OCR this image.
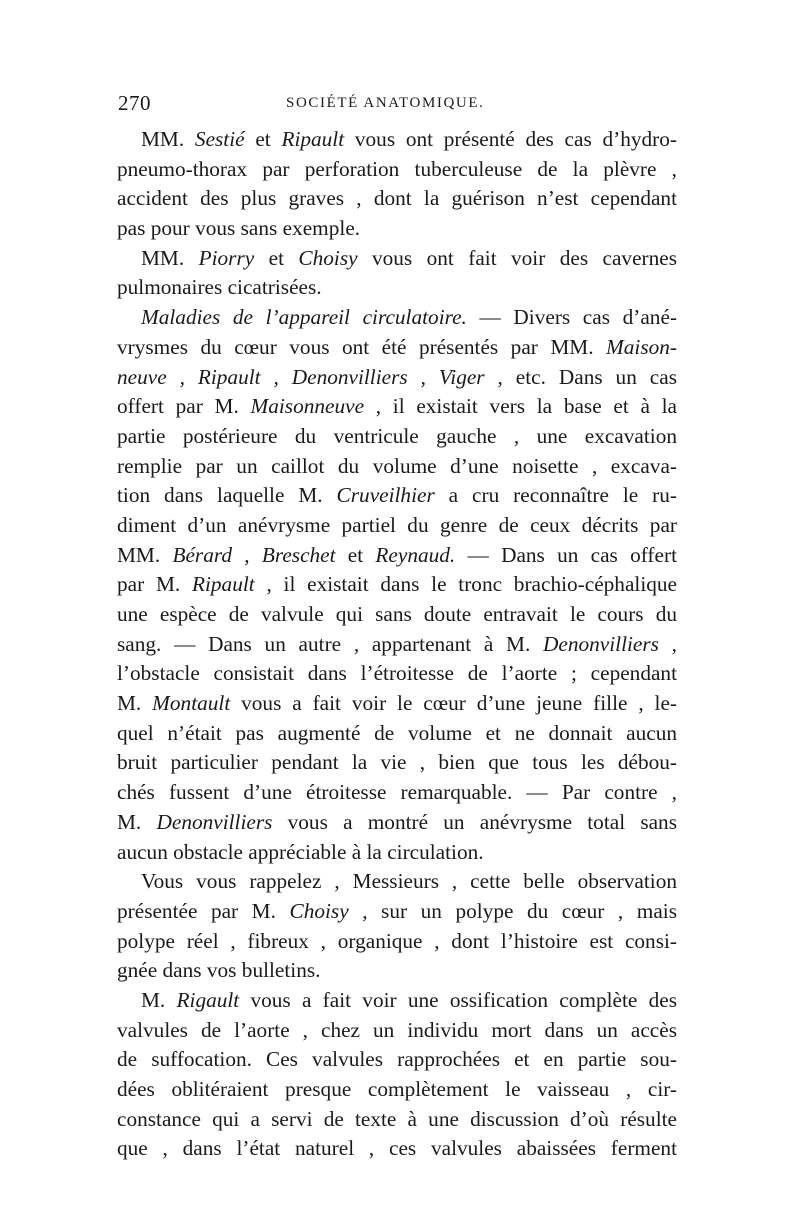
270	SOCIÉTÉ ANATOMIQUE.
MM. Sestié et Ripault vous ont présenté des cas d’hydro-
pneumo-thorax par perforation tuberculeuse de la plèvre ,
accident des plus graves , dont la guérison n’est cependant
pas pour vous sans exemple.
MM. Piorry et Choisy vous ont fait voir des cavernes
pulmonaires cicatrisées.
Maladies de l’appareil circulatoire. — Divers cas d’ané-
vrysmes du cœur vous ont été présentés par MM. Maison-
neuve , Ripault , Denonvilliers , Viger , etc. Dans un cas
offert par M. Maisonneuve , il existait vers la base et à la
partie postérieure du ventricule gauche , une excavation
remplie par un caillot du volume d’une noisette , excava-
tion dans laquelle M. Cruveilhier a cru reconnaître le ru-
diment d’un anévrysme partiel du genre de ceux décrits par
MM. Bérard , Breschet et Reynaud. — Dans un cas offert
par M. Ripault , il existait dans le tronc brachio-céphalique
une espèce de valvule qui sans doute entravait le cours du
sang. — Dans un autre , appartenant à M. Denonvilliers ,
l’obstacle consistait dans l’étroitesse de l’aorte ; cependant
M. Montault vous a fait voir le cœur d’une jeune fille , le-
quel n’était pas augmenté de volume et ne donnait aucun
bruit particulier pendant la vie , bien que tous les débou-
chés fussent d’une étroitesse remarquable. — Par contre ,
M. Denonvilliers vous a montré un anévrysme total sans
aucun obstacle appréciable à la circulation.
Vous vous rappelez , Messieurs , cette belle observation
présentée par M. Choisy , sur un polype du cœur , mais
polype réel , fibreux , organique , dont l’histoire est consi-
gnée dans vos bulletins.
M. Rigault vous a fait voir une ossification complète des
valvules de l’aorte , chez un individu mort dans un accès
de suffocation. Ces valvules rapprochées et en partie sou-
dées oblitéraient presque complètement le vaisseau , cir-
constance qui a servi de texte à une discussion d’où résulte
que , dans l’état naturel , ces valvules abaissées ferment
